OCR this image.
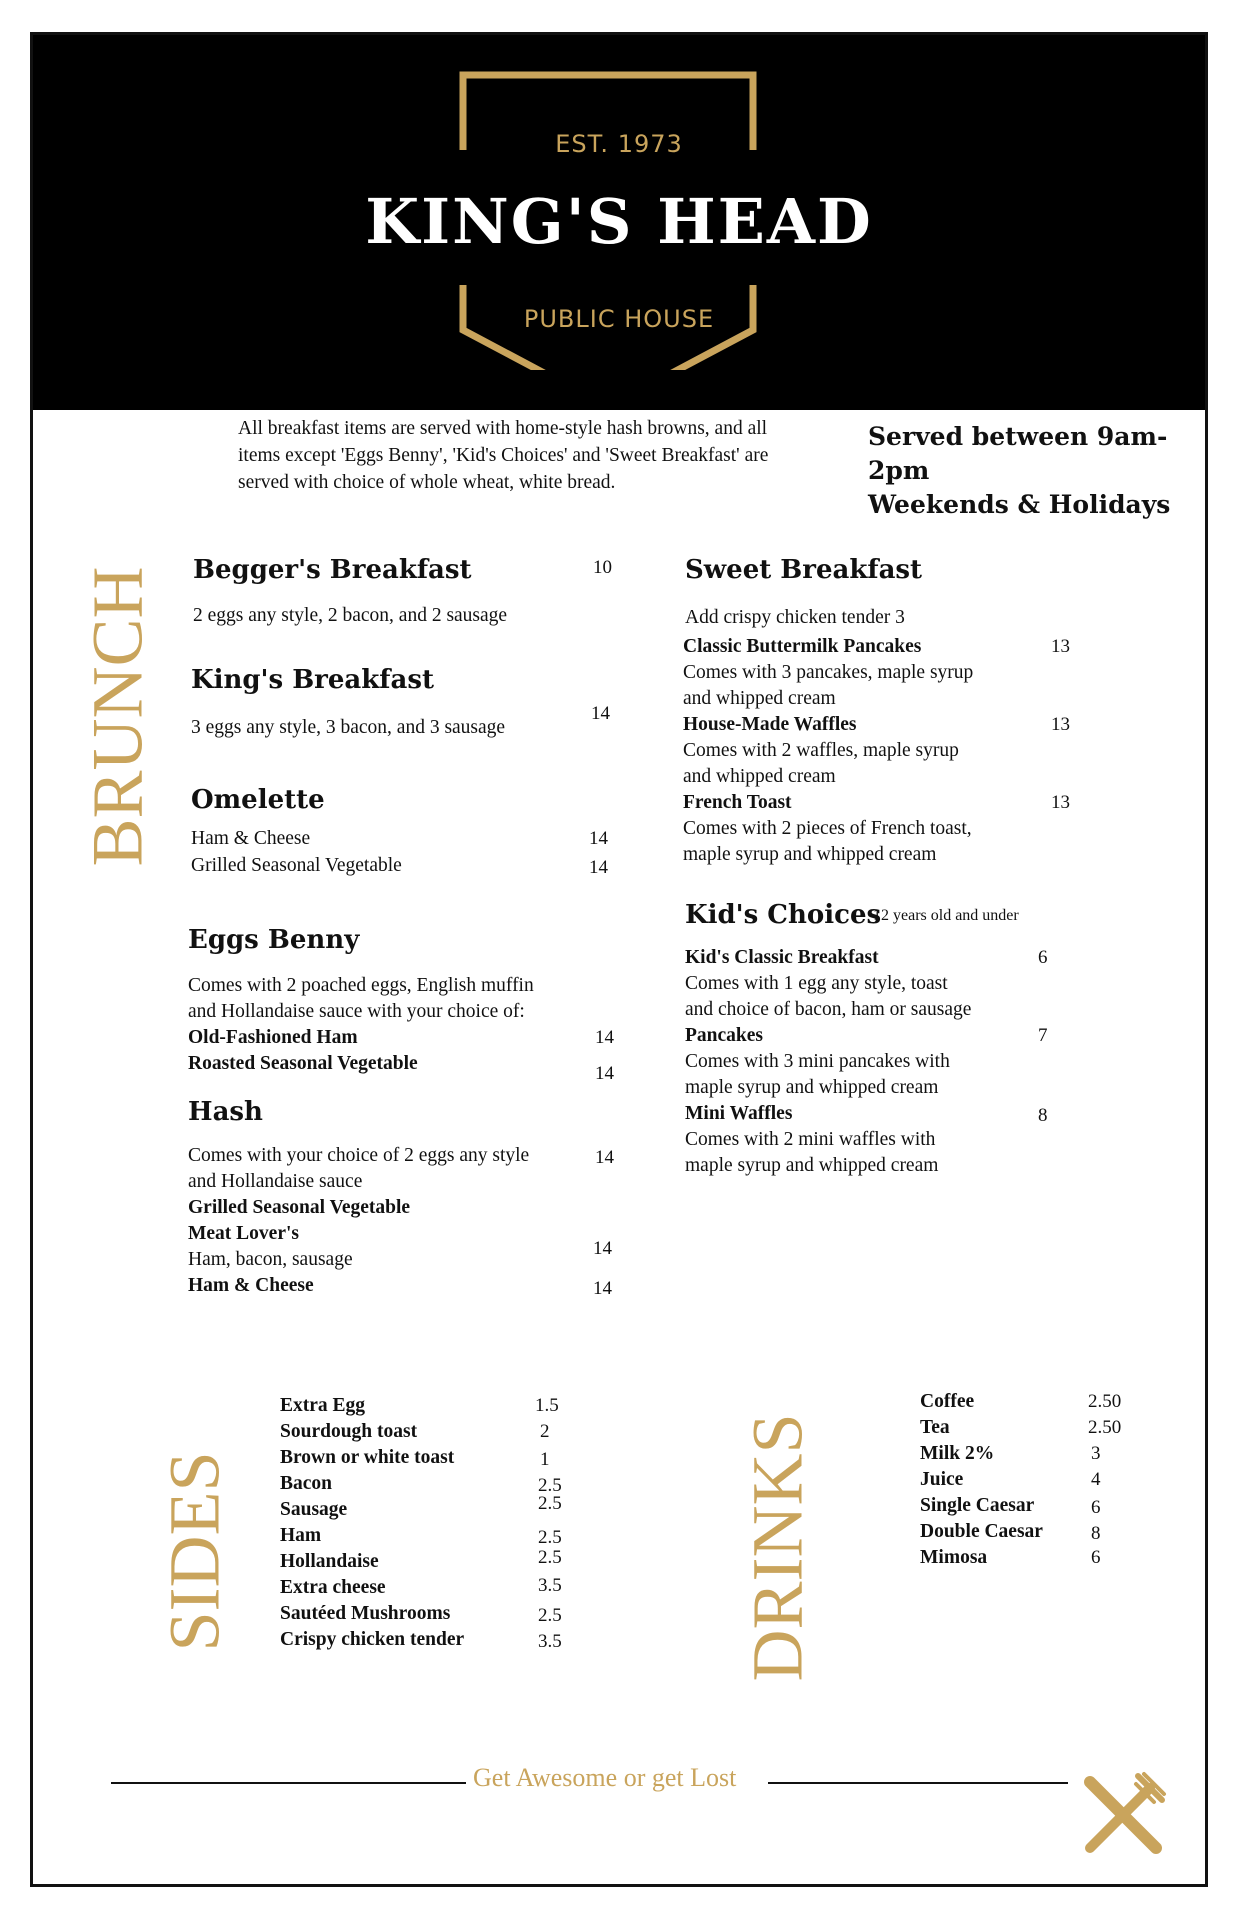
EST. 1973
KING'S HEAD
PUBLIC HOUSE
All breakfast items are served with home-style hash browns, and all
items except 'Eggs Benny', 'Kid's Choices' and 'Sweet Breakfast' are
served with choice of whole wheat, white bread.
Served between 9am-2pm
Weekends & Holidays
BRUNCH
SIDES	DRINKS
Begger's Breakfast	10
2 eggs any style, 2 bacon, and 2 sausage
King's Breakfast
14
3 eggs any style, 3 bacon, and 3 sausage
Omelette
Ham & Cheese	14
Grilled Seasonal Vegetable	14
Eggs Benny
Comes with 2 poached eggs, English muffin
and Hollandaise sauce with your choice of:
Old-Fashioned Ham	14
Roasted Seasonal Vegetable	14
Hash
Comes with your choice of 2 eggs any style	14
and Hollandaise sauce
Grilled Seasonal Vegetable
Meat Lover's
Ham, bacon, sausage
14
Ham & Cheese	14
Sweet Breakfast
Add crispy chicken tender 3
Classic Buttermilk Pancakes	13
Comes with 3 pancakes, maple syrup
and whipped cream
House-Made Waffles	13
Comes with 2 waffles, maple syrup
and whipped cream
French Toast	13
Comes with 2 pieces of French toast,
maple syrup and whipped cream
Kid's Choices
12 years old and under
Kid's Classic Breakfast	6
Comes with 1 egg any style, toast
and choice of bacon, ham or sausage
Pancakes	7
Comes with 3 mini pancakes with
maple syrup and whipped cream
Mini Waffles	8
Comes with 2 mini waffles with
maple syrup and whipped cream
Extra Egg	1.5
Sourdough toast	2
Brown or white toast	1
Bacon	2.5
Sausage	2.5
Ham	2.5
Hollandaise	2.5
Extra cheese	3.5
Sautéed Mushrooms	2.5
Crispy chicken tender	3.5
Coffee	2.50
Tea	2.50
Milk 2%	3
Juice	4
Single Caesar	6
Double Caesar	8
Mimosa	6
Get Awesome or get Lost
